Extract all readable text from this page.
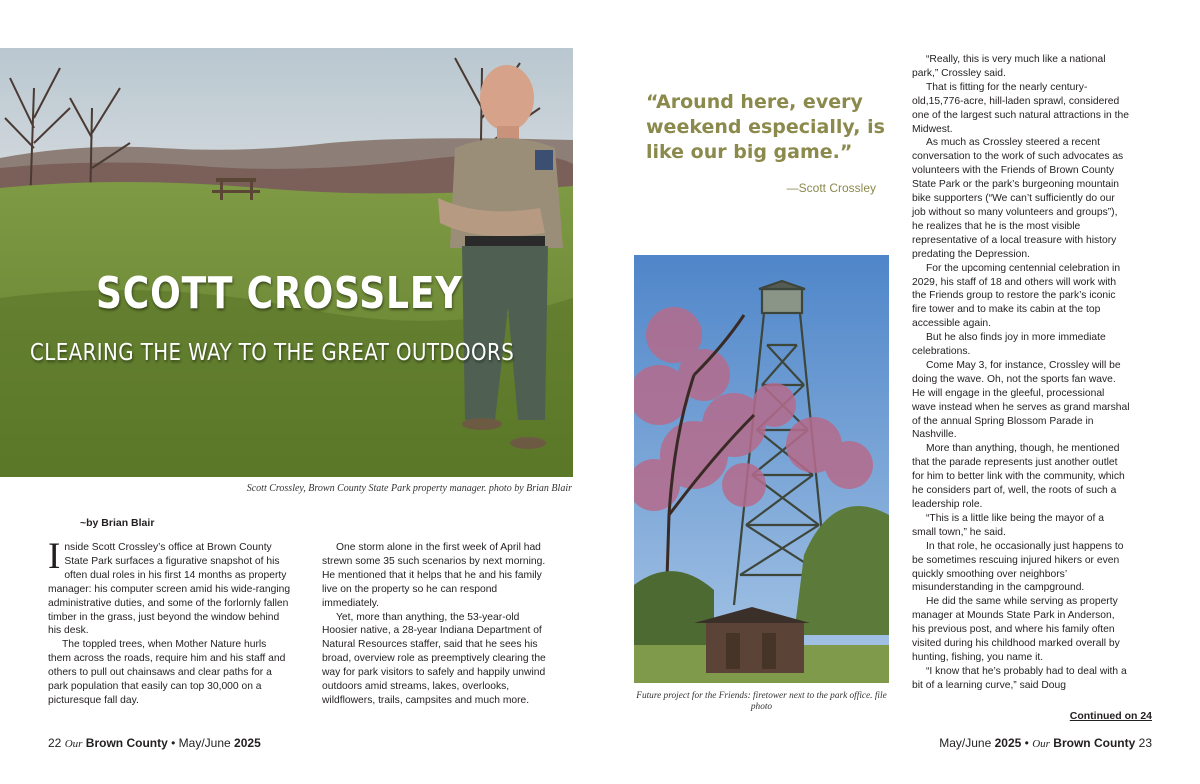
SCOTT CROSSLEY
CLEARING THE WAY TO THE GREAT OUTDOORS
Scott Crossley, Brown County State Park property manager. photo by Brian Blair
~by Brian Blair

Inside Scott Crossley’s office at Brown County State Park surfaces a figurative snapshot of his often dual roles in his first 14 months as property manager: his computer screen amid his wide-ranging administrative duties, and some of the forlornly fallen timber in the grass, just beyond the window behind his desk.

The toppled trees, when Mother Nature hurls them across the roads, require him and his staff and others to pull out chainsaws and clear paths for a park population that easily can top 30,000 on a picturesque fall day.

One storm alone in the first week of April had strewn some 35 such scenarios by next morning. He mentioned that it helps that he and his family live on the property so he can respond immediately.

Yet, more than anything, the 53-year-old Hoosier native, a 28-year Indiana Department of Natural Resources staffer, said that he sees his broad, overview role as preemptively clearing the way for park visitors to safely and happily unwind outdoors amid streams, lakes, overlooks, wildflowers, trails, campsites and much more.

“Around here, every weekend especially, is like our big game.”
—Scott Crossley
Future project for the Friends: firetower next to the park office. file photo

“Really, this is very much like a national park,” Crossley said.

That is fitting for the nearly century-old,15,776-acre, hill-laden sprawl, considered one of the largest such natural attractions in the Midwest.

As much as Crossley steered a recent conversation to the work of such advocates as volunteers with the Friends of Brown County State Park or the park’s burgeoning mountain bike supporters (“We can’t sufficiently do our job without so many volunteers and groups”), he realizes that he is the most visible representative of a local treasure with history predating the Depression.

For the upcoming centennial celebration in 2029, his staff of 18 and others will work with the Friends group to restore the park’s iconic fire tower and to make its cabin at the top accessible again.

But he also finds joy in more immediate celebrations.

Come May 3, for instance, Crossley will be doing the wave. Oh, not the sports fan wave. He will engage in the gleeful, processional wave instead when he serves as grand marshal of the annual Spring Blossom Parade in Nashville.

More than anything, though, he mentioned that the parade represents just another outlet for him to better link with the community, which he considers part of, well, the roots of such a leadership role.

“This is a little like being the mayor of a small town,” he said.

In that role, he occasionally just happens to be sometimes rescuing injured hikers or even quickly smoothing over neighbors’ misunderstanding in the campground.

He did the same while serving as property manager at Mounds State Park in Anderson, his previous post, and where his family often visited during his childhood marked overall by hunting, fishing, you name it.

“I know that he’s probably had to deal with a bit of a learning curve,” said Doug

Continued on 24
22 Our Brown County • May/June 2025	May/June 2025 • Our Brown County 23
